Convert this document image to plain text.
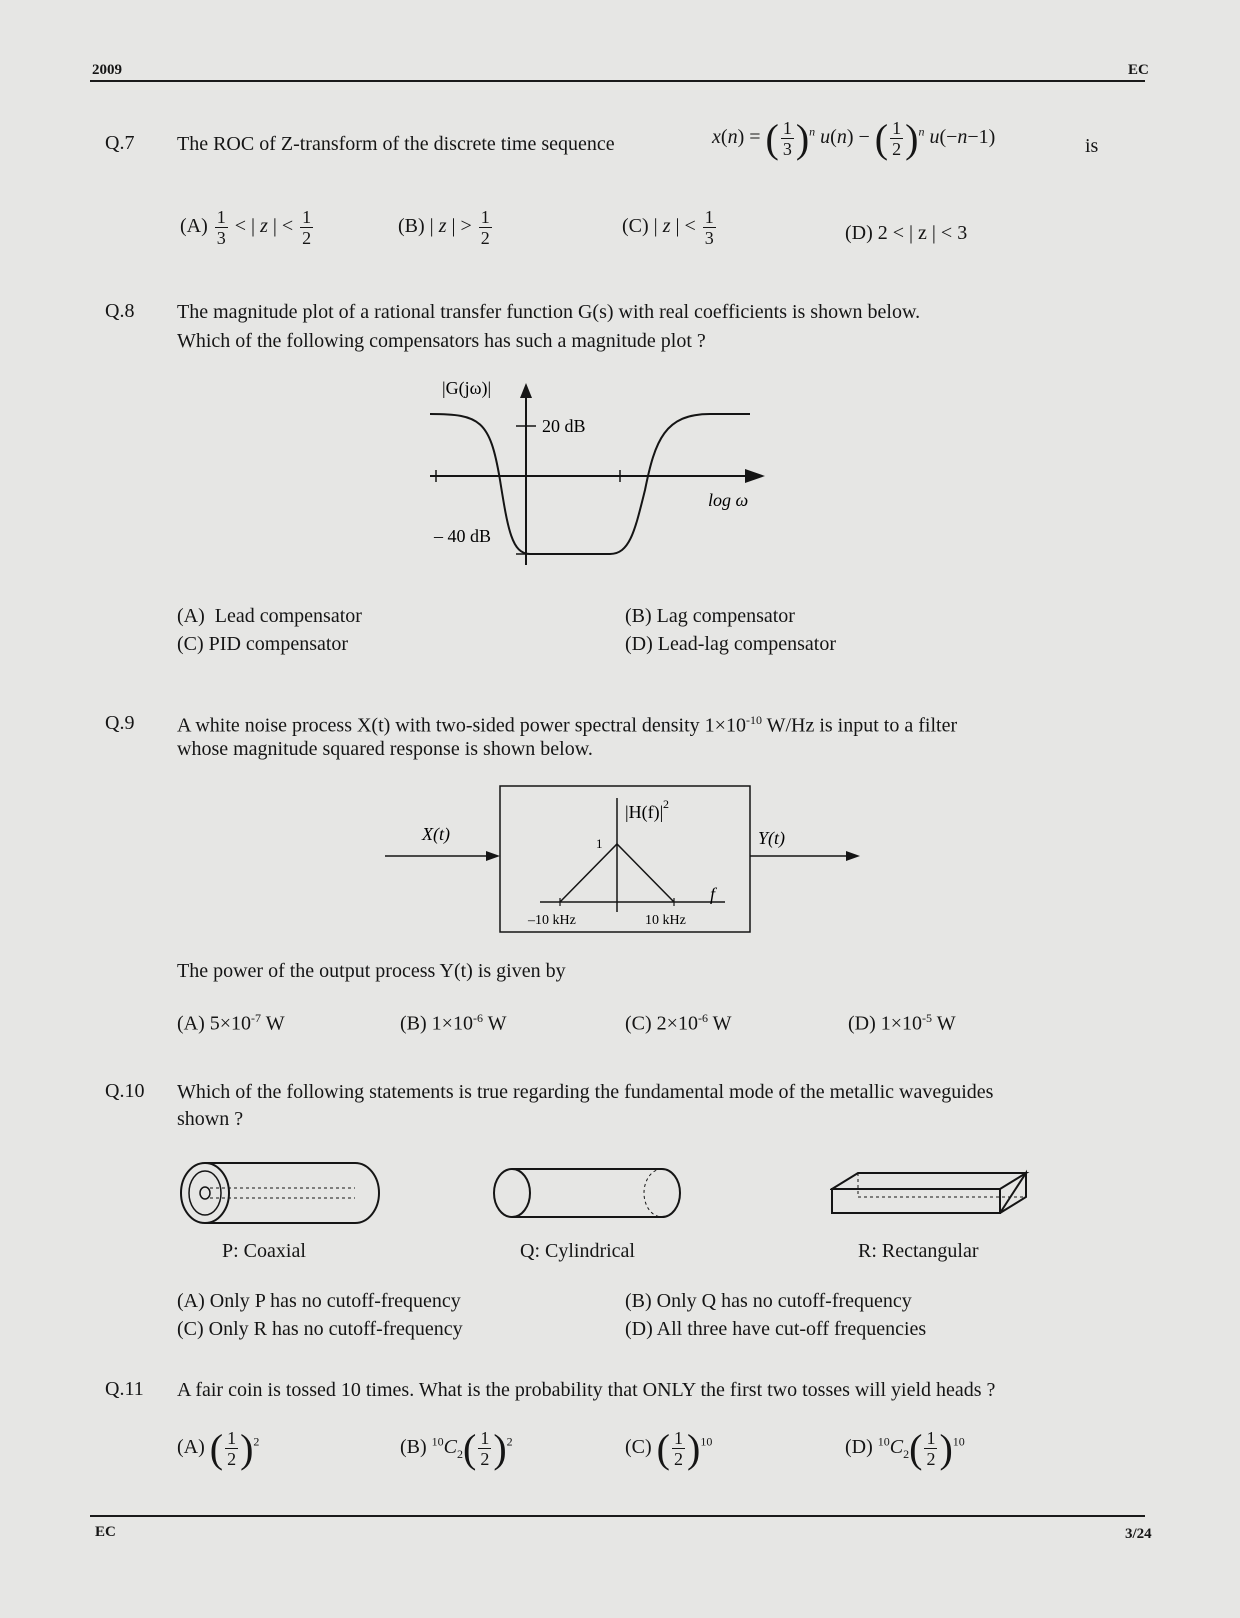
2009	EC
Q.7 The ROC of Z-transform of the discrete time sequence	x(n) = ( $\frac{1}{3} )^n$ u(n) − ( $\frac{1}{2} )^n$ u(−n−1)	is
$(A) \frac{1}{3}$ < | z | < $\frac{1}{2}$	(B) | z | > $\frac{1}{2}$	(C) | z | < $\frac{1}{3}$	(D) 2 < | z | < 3
Q.8 The magnitude plot of a rational transfer function G(s) with real coefficients is shown below.
Which of the following compensators has such a magnitude plot ?
|G(jω)|
20 dB
– 40 dB
log ω
(A) Lead compensator	(B) Lag compensator
(C) PID compensator	(D) Lead-lag compensator
Q.9 A white noise process X(t) with two-sided power spectral density $1\times 10^{-10}$ W/Hz is input to a filter
whose magnitude squared response is shown below.
X(t)	Y(t)
|H(f)| 2
1
–10 kHz	10 kHz
f
The power of the output process Y(t) is given by
(A) $5\times 10^{-7}$ W	(B) $1\times 10^{-6}$ W	(C) $2\times 10^{-6}$ W	(D) $1\times 10^{-5}$ W
Q.10 Which of the following statements is true regarding the fundamental mode of the metallic waveguides
shown ?
P: Coaxial	Q: Cylindrical	R: Rectangular
(A) Only P has no cutoff-frequency	(B) Only Q has no cutoff-frequency
(C) Only R has no cutoff-frequency	(D) All three have cut-off frequencies
Q.11 A fair coin is tossed 10 times. What is the probability that ONLY the first two tosses will yield heads ?
(A) ( $\frac{1}{2} )^2$	(B) $^{10}C_2( \frac{1}{2} )^2$	(C) ( $\frac{1}{2} )^{10}$	(D) $^{10}C_2( \frac{1}{2} )^{10}$
EC	3/24
